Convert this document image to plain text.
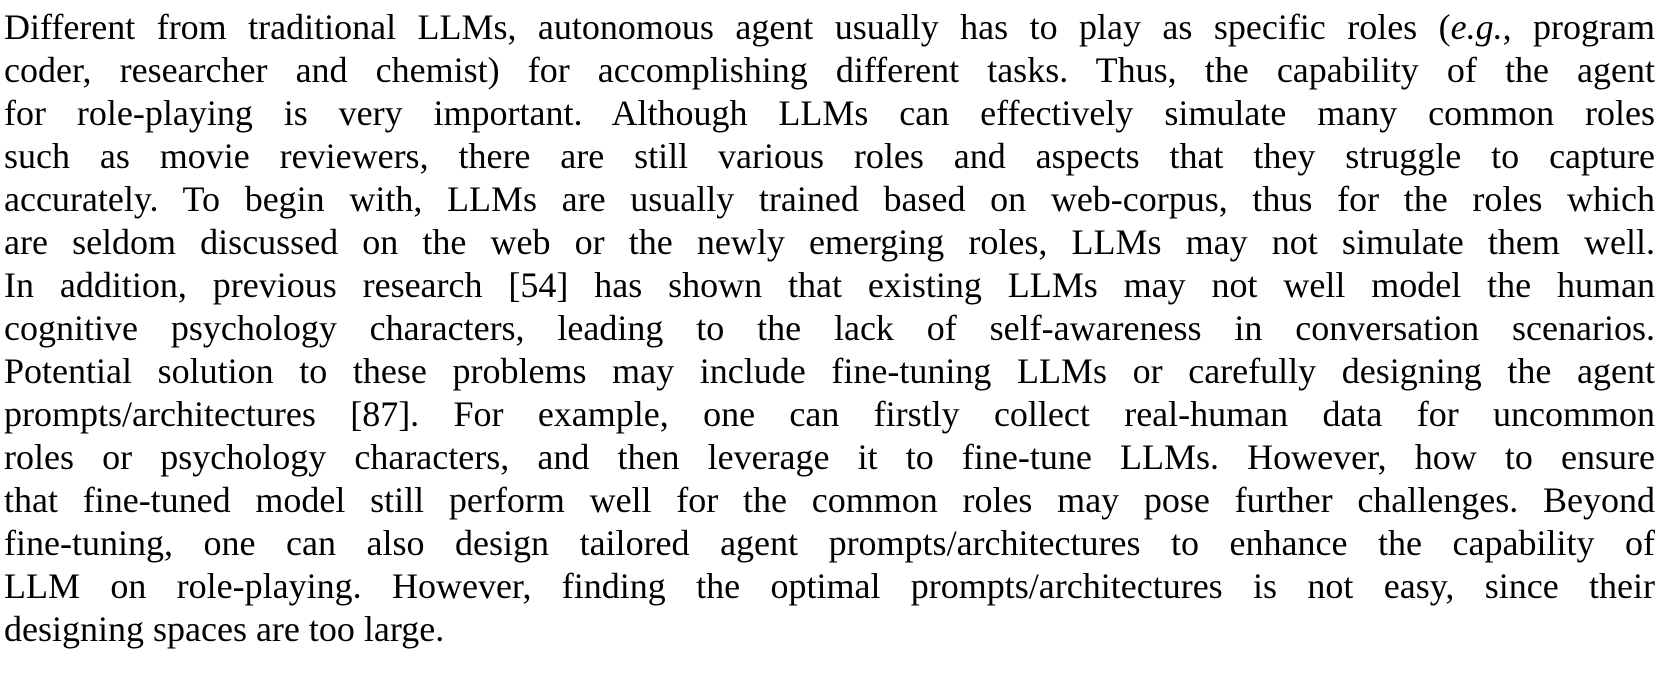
Different from traditional LLMs, autonomous agent usually has to play as specific roles (e.g., program
coder, researcher and chemist) for accomplishing different tasks. Thus, the capability of the agent
for role-playing is very important. Although LLMs can effectively simulate many common roles
such as movie reviewers, there are still various roles and aspects that they struggle to capture
accurately. To begin with, LLMs are usually trained based on web-corpus, thus for the roles which
are seldom discussed on the web or the newly emerging roles, LLMs may not simulate them well.
In addition, previous research [54] has shown that existing LLMs may not well model the human
cognitive psychology characters, leading to the lack of self-awareness in conversation scenarios.
Potential solution to these problems may include fine-tuning LLMs or carefully designing the agent
prompts/architectures [87]. For example, one can firstly collect real-human data for uncommon
roles or psychology characters, and then leverage it to fine-tune LLMs. However, how to ensure
that fine-tuned model still perform well for the common roles may pose further challenges. Beyond
fine-tuning, one can also design tailored agent prompts/architectures to enhance the capability of
LLM on role-playing. However, finding the optimal prompts/architectures is not easy, since their
designing spaces are too large.
